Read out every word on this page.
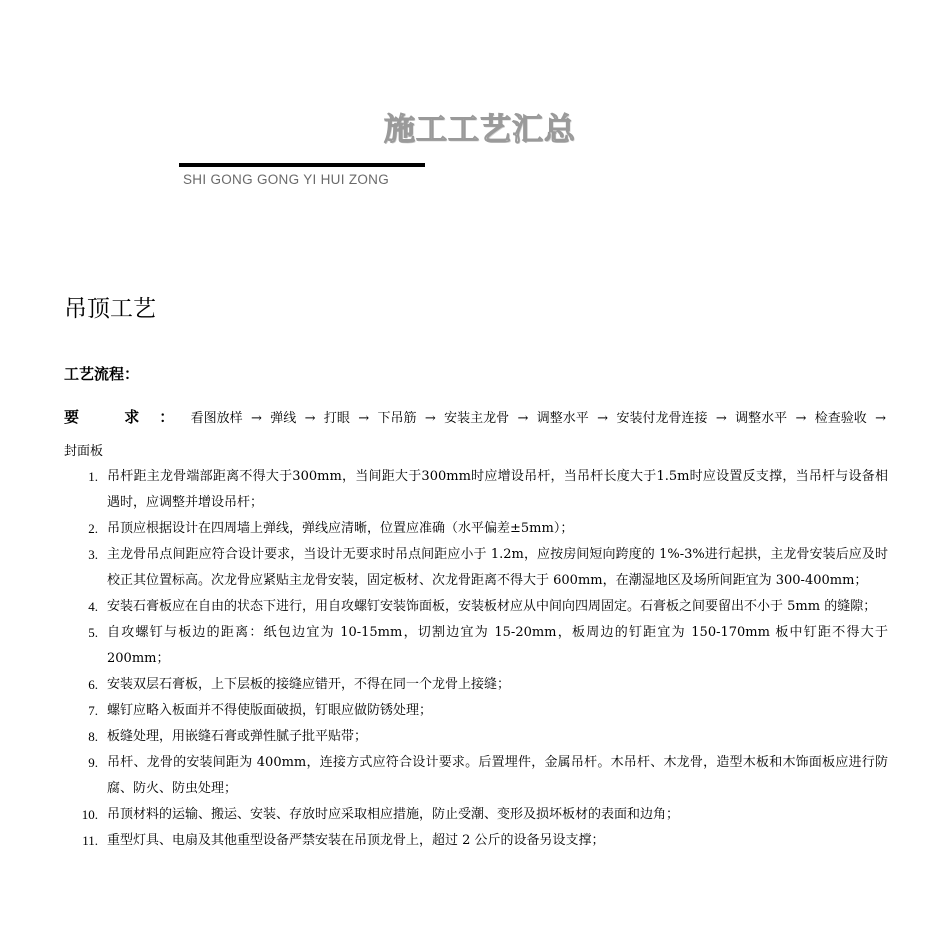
施工工艺汇总
SHI GONG GONG YI HUI ZONG
吊顶工艺
工艺流程：
要 求：
看图放样 → 弹线 → 打眼 → 下吊筋 → 安装主龙骨 → 调整水平 → 安装付龙骨连接 → 调整水平 → 检查验收 →
封面板
1. 吊杆距主龙骨端部距离不得大于300mm，当间距大于300mm时应增设吊杆，当吊杆长度大于1.5m时应设置反支撑，当吊杆与设备相遇时，应调整并增设吊杆；
2. 吊顶应根据设计在四周墙上弹线，弹线应清晰，位置应准确（水平偏差±5mm）；
3. 主龙骨吊点间距应符合设计要求，当设计无要求时吊点间距应小于 1.2m，应按房间短向跨度的 1%-3%进行起拱，主龙骨安装后应及时校正其位置标高。次龙骨应紧贴主龙骨安装，固定板材、次龙骨距离不得大于 600mm，在潮湿地区及场所间距宜为 300-400mm；
4. 安装石膏板应在自由的状态下进行，用自攻螺钉安装饰面板，安装板材应从中间向四周固定。石膏板之间要留出不小于 5mm 的缝隙；
5. 自攻螺钉与板边的距离：纸包边宜为 10-15mm，切割边宜为 15-20mm，板周边的钉距宜为 150-170mm 板中钉距不得大于 200mm；
6. 安装双层石膏板，上下层板的接缝应错开，不得在同一个龙骨上接缝；
7. 螺钉应略入板面并不得使版面破损，钉眼应做防锈处理；
8. 板缝处理，用嵌缝石膏或弹性腻子批平贴带；
9. 吊杆、龙骨的安装间距为 400mm，连接方式应符合设计要求。后置埋件，金属吊杆。木吊杆、木龙骨，造型木板和木饰面板应进行防腐、防火、防虫处理；
10. 吊顶材料的运输、搬运、安装、存放时应采取相应措施，防止受潮、变形及损坏板材的表面和边角；
11. 重型灯具、电扇及其他重型设备严禁安装在吊顶龙骨上，超过 2 公斤的设备另设支撑；
